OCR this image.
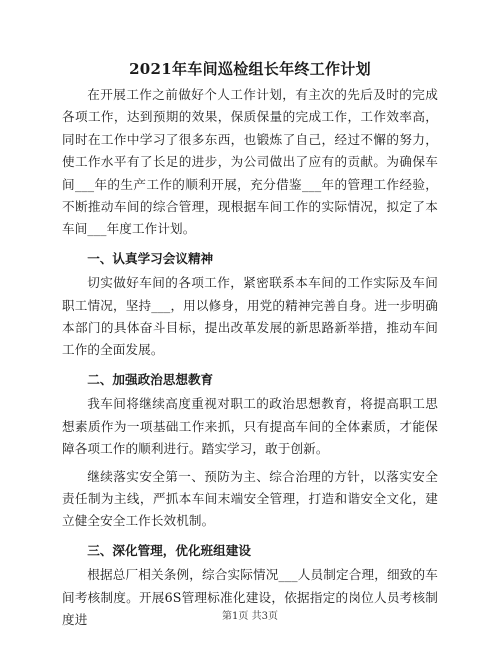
2021年车间巡检组长年终工作计划

在开展工作之前做好个人工作计划，有主次的先后及时的完成各项工作，达到预期的效果，保质保量的完成工作，工作效率高，同时在工作中学习了很多东西，也锻炼了自己，经过不懈的努力，使工作水平有了长足的进步，为公司做出了应有的贡献。为确保车间___年的生产工作的顺利开展，充分借鉴___年的管理工作经验，不断推动车间的综合管理，现根据车间工作的实际情况，拟定了本车间___年度工作计划。

一、认真学习会议精神

切实做好车间的各项工作，紧密联系本车间的工作实际及车间职工情况，坚持___，用以修身，用党的精神完善自身。进一步明确本部门的具体奋斗目标，提出改革发展的新思路新举措，推动车间工作的全面发展。

二、加强政治思想教育

我车间将继续高度重视对职工的政治思想教育，将提高职工思想素质作为一项基础工作来抓，只有提高车间的全体素质，才能保障各项工作的顺利进行。踏实学习，敢于创新。

继续落实安全第一、预防为主、综合治理的方针，以落实安全责任制为主线，严抓本车间末端安全管理，打造和谐安全文化，建立健全安全工作长效机制。

三、深化管理，优化班组建设

根据总厂相关条例，综合实际情况___人员制定合理，细致的车间考核制度。开展6S管理标准化建设，依据指定的岗位人员考核制度进	第1页 共3页
